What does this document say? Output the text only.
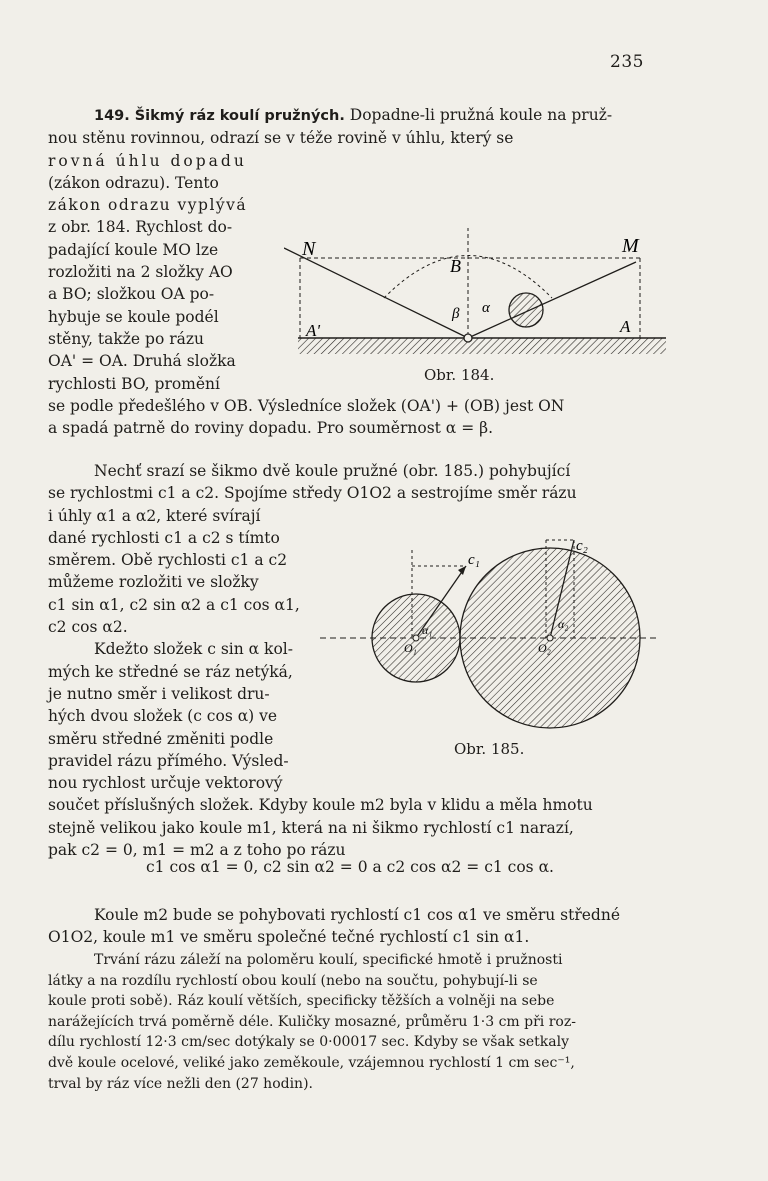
235
149. Šikmý ráz koulí pružných. Dopadne-li pružná koule na pruž-
nou stěnu rovinnou, odrazí se v téže rovině v úhlu, který se
rovná úhlu dopadu
(zákon odrazu). Tento
zákon odrazu vyplývá
z obr. 184. Rychlost do-
padající koule MO lze
rozložiti na 2 složky AO
a BO; složkou OA po-
hybuje se koule podél
stěny, takže po rázu
OA' = OA. Druhá složka
rychlosti BO, promění
se podle předešlého v OB. Výsledníce složek (OA') + (OB) jest ON
a spadá patrně do roviny dopadu. Pro souměrnost α = β.
N	M
B
A'	A
β α
Obr. 184.
Nechť srazí se šikmo dvě koule pružné (obr. 185.) pohybující
se rychlostmi c1 a c2. Spojíme středy O1O2 a sestrojíme směr rázu
i úhly α1 a α2, které svírají
dané rychlosti c1 a c2 s tímto
směrem. Obě rychlosti c1 a c2
můžeme rozložiti ve složky
c1 sin α1, c2 sin α2 a c1 cos α1,
c2 cos α2.
Kdežto složek c sin α kol-
mých ke středné se ráz netýká,
je nutno směr i velikost dru-
hých dvou složek (c cos α) ve
směru středné změniti podle
pravidel rázu přímého. Výsled-
nou rychlost určuje vektorový
součet příslušných složek. Kdyby koule m2 byla v klidu a měla hmotu
stejně velikou jako koule m1, která na ni šikmo rychlostí c1 narazí,
pak c2 = 0, m1 = m2 a z toho po rázu
c₁
c₂
α₁	α₂
O₁	O₂
Obr. 185.
c1 cos α1 = 0, c2 sin α2 = 0 a c2 cos α2 = c1 cos α.
Koule m2 bude se pohybovati rychlostí c1 cos α1 ve směru středné
O1O2, koule m1 ve směru společné tečné rychlostí c1 sin α1.
Trvání rázu záleží na poloměru koulí, specifické hmotě i pružnosti
látky a na rozdílu rychlostí obou koulí (nebo na součtu, pohybují-li se
koule proti sobě). Ráz koulí větších, specificky těžších a volněji na sebe
narážejících trvá poměrně déle. Kuličky mosazné, průměru 1·3 cm při roz-
dílu rychlostí 12·3 cm/sec dotýkaly se 0·00017 sec. Kdyby se však setkaly
dvě koule ocelové, veliké jako zeměkoule, vzájemnou rychlostí 1 cm sec⁻¹,
trval by ráz více nežli den (27 hodin).
